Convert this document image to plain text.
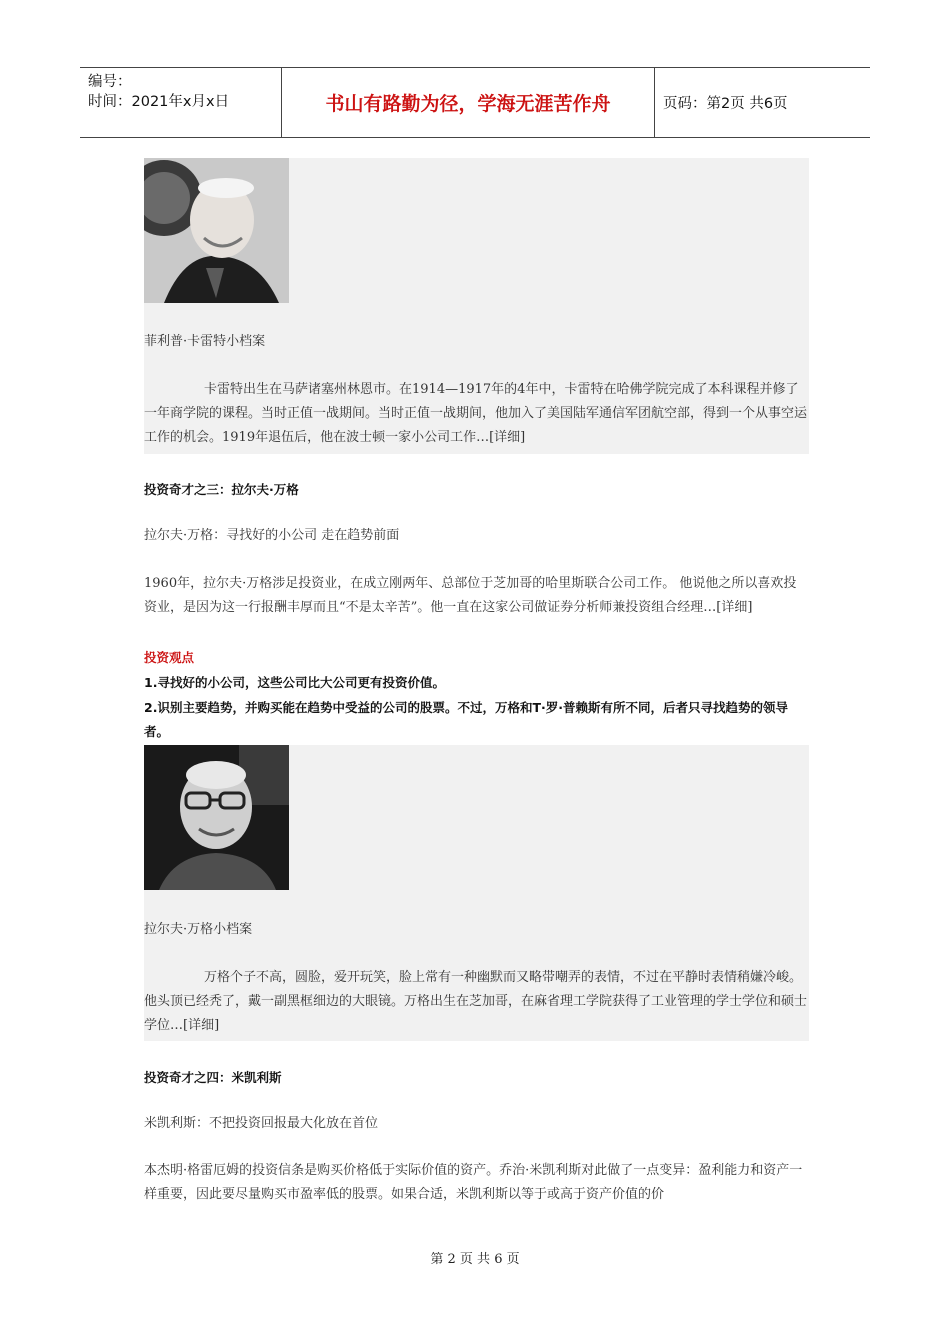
编号：
时间：2021年x月x日	书山有路勤为径，学海无涯苦作舟	页码：第2页 共6页
菲利普·卡雷特小档案
卡雷特出生在马萨诸塞州林恩市。在1914—1917年的4年中，卡雷特在哈佛学院完成了本科课程并修了一年商学院的课程。当时正值一战期间。当时正值一战期间，他加入了美国陆军通信军团航空部，得到一个从事空运工作的机会。1919年退伍后，他在波士顿一家小公司工作…[详细]
投资奇才之三：拉尔夫·万格
拉尔夫·万格：寻找好的小公司 走在趋势前面
1960年，拉尔夫·万格涉足投资业，在成立刚两年、总部位于芝加哥的哈里斯联合公司工作。 他说他之所以喜欢投资业，是因为这一行报酬丰厚而且“不是太辛苦”。他一直在这家公司做证券分析师兼投资组合经理…[详细]
投资观点
1.寻找好的小公司，这些公司比大公司更有投资价值。
2.识别主要趋势，并购买能在趋势中受益的公司的股票。不过，万格和T·罗·普赖斯有所不同，后者只寻找趋势的领导者。
拉尔夫·万格小档案
万格个子不高，圆脸，爱开玩笑，脸上常有一种幽默而又略带嘲弄的表情，不过在平静时表情稍嫌冷峻。他头顶已经秃了，戴一副黑框细边的大眼镜。万格出生在芝加哥，在麻省理工学院获得了工业管理的学士学位和硕士学位…[详细]
投资奇才之四：米凯利斯
米凯利斯：不把投资回报最大化放在首位
本杰明·格雷厄姆的投资信条是购买价格低于实际价值的资产。乔治·米凯利斯对此做了一点变异：盈利能力和资产一样重要，因此要尽量购买市盈率低的股票。如果合适，米凯利斯以等于或高于资产价值的价
第 2 页 共 6 页
